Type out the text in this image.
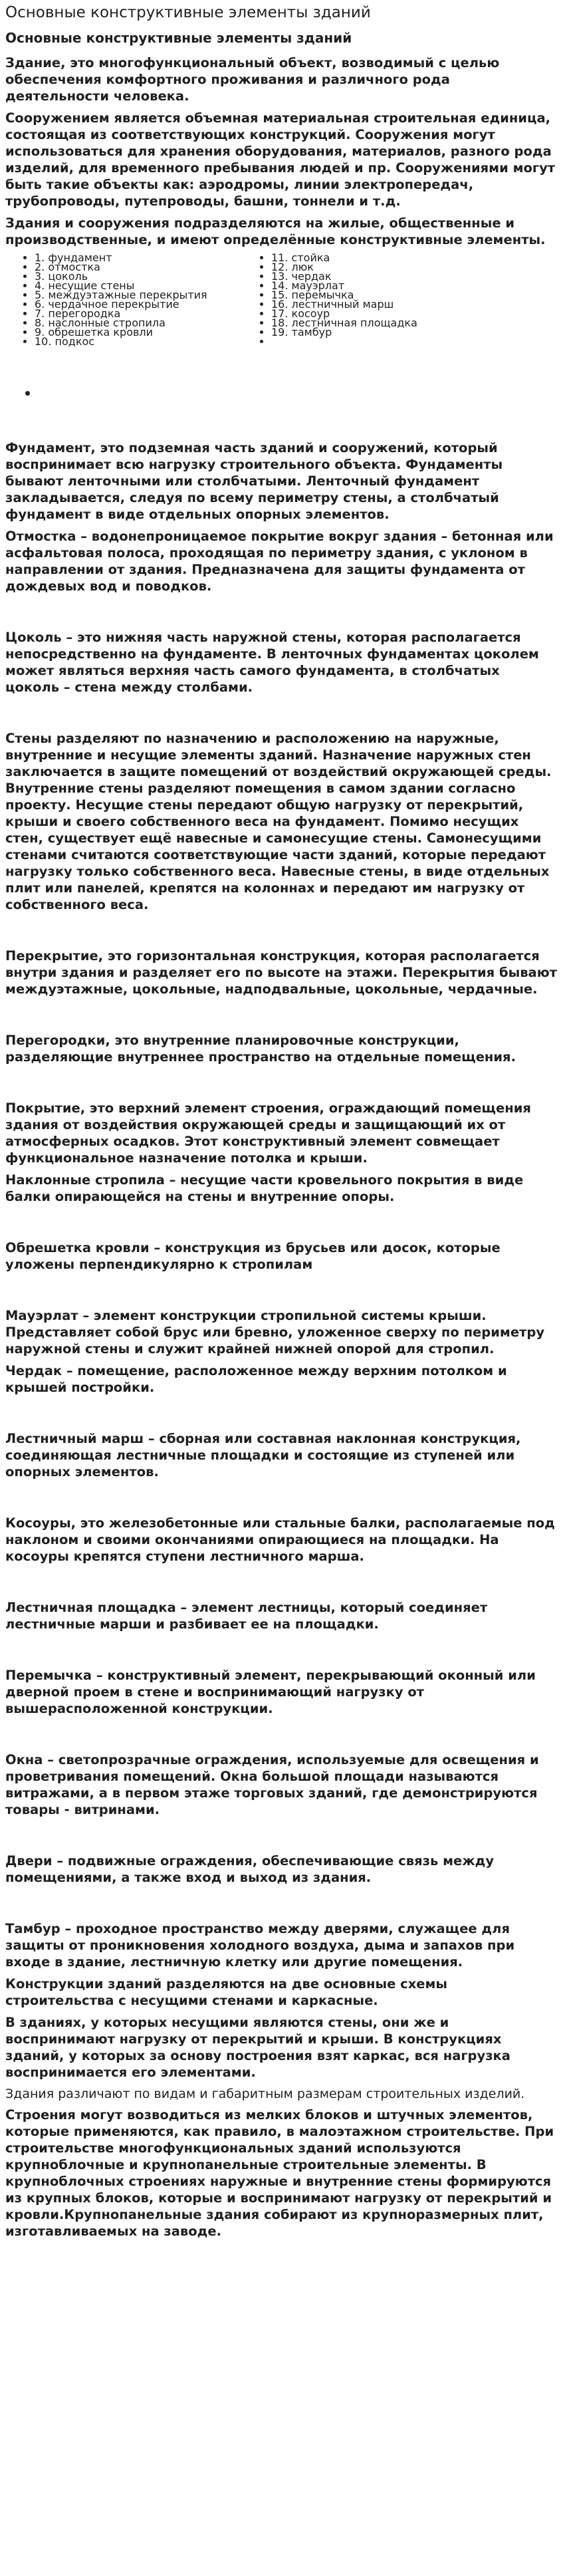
Основные конструктивные элементы зданий
Основные конструктивные элементы зданий

Здание, это многофункциональный объект, возводимый с целью обеспечения комфортного проживания и различного рода деятельности человека.

Сооружением является объемная материальная строительная единица, состоящая из соответствующих конструкций. Сооружения могут использоваться для хранения оборудования, материалов, разного рода изделий, для временного пребывания людей и пр. Сооружениями могут быть такие объекты как: аэродромы, линии электропередач, трубопроводы, путепроводы, башни, тоннели и т.д.

Здания и сооружения подразделяются на жилые, общественные и производственные, и имеют определённые конструктивные элементы.

• 1. фундамент
• 2. отмостка
• 3. цоколь
• 4. несущие стены
• 5. междуэтажные перекрытия
• 6. чердачное перекрытие
• 7. перегородка
• 8. наслонные стропила
• 9. обрешетка кровли
• 10. подкос
• 11. стойка
• 12. люк
• 13. чердак
• 14. мауэрлат
• 15. перемычка
• 16. лестничный марш
• 17. косоур
• 18. лестничная площадка
• 19. тамбур
•

Фундамент, это подземная часть зданий и сооружений, который воспринимает всю нагрузку строительного объекта. Фундаменты бывают ленточными или столбчатыми. Ленточный фундамент закладывается, следуя по всему периметру стены, а столбчатый фундамент в виде отдельных опорных элементов.

Отмостка – водонепроницаемое покрытие вокруг здания – бетонная или асфальтовая полоса, проходящая по периметру здания, с уклоном в направлении от здания. Предназначена для защиты фундамента от дождевых вод и поводков.

Цоколь – это нижняя часть наружной стены, которая располагается непосредственно на фундаменте. В ленточных фундаментах цоколем может являться верхняя часть самого фундамента, в столбчатых цоколь – стена между столбами.

Стены разделяют по назначению и расположению на наружные, внутренние и несущие элементы зданий. Назначение наружных стен заключается в защите помещений от воздействий окружающей среды. Внутренние стены разделяют помещения в самом здании согласно проекту. Несущие стены передают общую нагрузку от перекрытий, крыши и своего собственного веса на фундамент. Помимо несущих стен, существует ещё навесные и самонесущие стены. Самонесущими стенами считаются соответствующие части зданий, которые передают нагрузку только собственного веса. Навесные стены, в виде отдельных плит или панелей, крепятся на колоннах и передают им нагрузку от собственного веса.

Перекрытие, это горизонтальная конструкция, которая располагается внутри здания и разделяет его по высоте на этажи. Перекрытия бывают междуэтажные, цокольные, надподвальные, цокольные, чердачные.

Перегородки, это внутренние планировочные конструкции, разделяющие внутреннее пространство на отдельные помещения.

Покрытие, это верхний элемент строения, ограждающий помещения здания от воздействия окружающей среды и защищающий их от атмосферных осадков. Этот конструктивный элемент совмещает функциональное назначение потолка и крыши.

Наклонные стропила – несущие части кровельного покрытия в виде балки опирающейся на стены и внутренние опоры.

Обрешетка кровли – конструкция из брусьев или досок, которые уложены перпендикулярно к стропилам

Мауэрлат – элемент конструкции стропильной системы крыши. Представляет собой брус или бревно, уложенное сверху по периметру наружной стены и служит крайней нижней опорой для стропил.

Чердак – помещение, расположенное между верхним потолком и крышей постройки.

Лестничный марш – сборная или составная наклонная конструкция, соединяющая лестничные площадки и состоящие из ступеней или опорных элементов.

Косоуры, это железобетонные или стальные балки, располагаемые под наклоном и своими окончаниями опирающиеся на площадки. На косоуры крепятся ступени лестничного марша.

Лестничная площадка – элемент лестницы, который соединяет лестничные марши и разбивает ее на площадки.

Перемычка – конструктивный элемент, перекрывающий оконный или дверной проем в стене и воспринимающий нагрузку от вышерасположенной конструкции.

Окна – светопрозрачные ограждения, используемые для освещения и проветривания помещений. Окна большой площади называются витражами, а в первом этаже торговых зданий, где демонстрируются товары - витринами.

Двери – подвижные ограждения, обеспечивающие связь между помещениями, а также вход и выход из здания.

Тамбур – проходное пространство между дверями, служащее для защиты от проникновения холодного воздуха, дыма и запахов при входе в здание, лестничную клетку или другие помещения.

Конструкции зданий разделяются на две основные схемы строительства с несущими стенами и каркасные.

В зданиях, у которых несущими являются стены, они же и воспринимают нагрузку от перекрытий и крыши. В конструкциях зданий, у которых за основу построения взят каркас, вся нагрузка воспринимается его элементами.

Здания различают по видам и габаритным размерам строительных изделий.

Строения могут возводиться из мелких блоков и штучных элементов, которые применяются, как правило, в малоэтажном строительстве. При строительстве многофункциональных зданий используются крупноблочные и крупнопанельные строительные элементы. В крупноблочных строениях наружные и внутренние стены формируются из крупных блоков, которые и воспринимают нагрузку от перекрытий и кровли.Крупнопанельные здания собирают из крупноразмерных плит, изготавливаемых на заводе.
